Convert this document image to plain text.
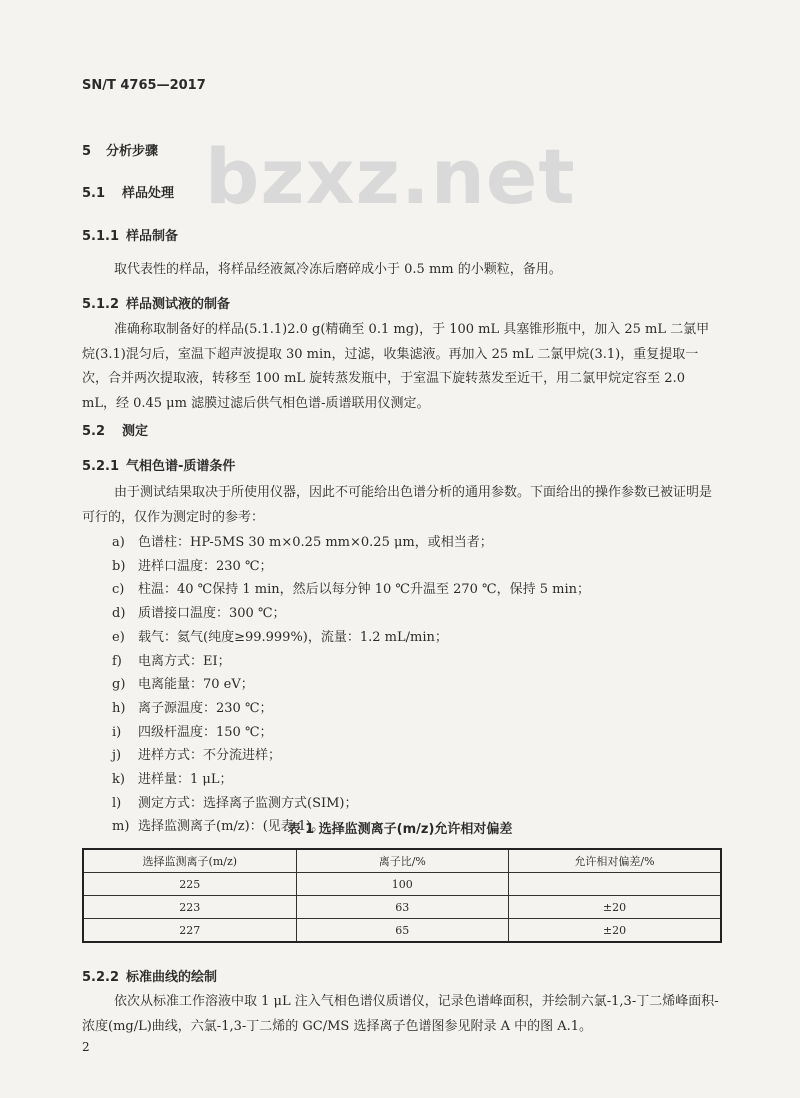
SN/T 4765—2017
bzxz.net
5 分析步骤
5.1 样品处理
5.1.1 样品制备
取代表性的样品，将样品经液氮冷冻后磨碎成小于 0.5 mm 的小颗粒，备用。
5.1.2 样品测试液的制备
准确称取制备好的样品(5.1.1)2.0 g(精确至 0.1 mg)，于 100 mL 具塞锥形瓶中，加入 25 mL 二氯甲烷(3.1)混匀后，室温下超声波提取 30 min，过滤，收集滤液。再加入 25 mL 二氯甲烷(3.1)，重复提取一次，合并两次提取液，转移至 100 mL 旋转蒸发瓶中，于室温下旋转蒸发至近干，用二氯甲烷定容至 2.0 mL，经 0.45 μm 滤膜过滤后供气相色谱-质谱联用仪测定。
5.2 测定
5.2.1 气相色谱-质谱条件
由于测试结果取决于所使用仪器，因此不可能给出色谱分析的通用参数。下面给出的操作参数已被证明是可行的，仅作为测定时的参考：
a) 色谱柱：HP-5MS 30 m×0.25 mm×0.25 μm，或相当者；
b) 进样口温度：230 ℃；
c) 柱温：40 ℃保持 1 min，然后以每分钟 10 ℃升温至 270 ℃，保持 5 min；
d) 质谱接口温度：300 ℃；
e) 载气：氦气(纯度≥99.999%)，流量：1.2 mL/min；
f) 电离方式：EI；
g) 电离能量：70 eV；
h) 离子源温度：230 ℃；
i) 四级杆温度：150 ℃；
j) 进样方式：不分流进样；
k) 进样量：1 μL；
l) 测定方式：选择离子监测方式(SIM)；
m) 选择监测离子(m/z)：(见表 1)。
表 1 选择监测离子(m/z)允许相对偏差
选择监测离子(m/z)	离子比/%	允许相对偏差/%
225	100	
223	63	±20
227	65	±20
5.2.2 标准曲线的绘制
依次从标准工作溶液中取 1 μL 注入气相色谱仪质谱仪，记录色谱峰面积，并绘制六氯-1,3-丁二烯峰面积-浓度(mg/L)曲线，六氯-1,3-丁二烯的 GC/MS 选择离子色谱图参见附录 A 中的图 A.1。
2
